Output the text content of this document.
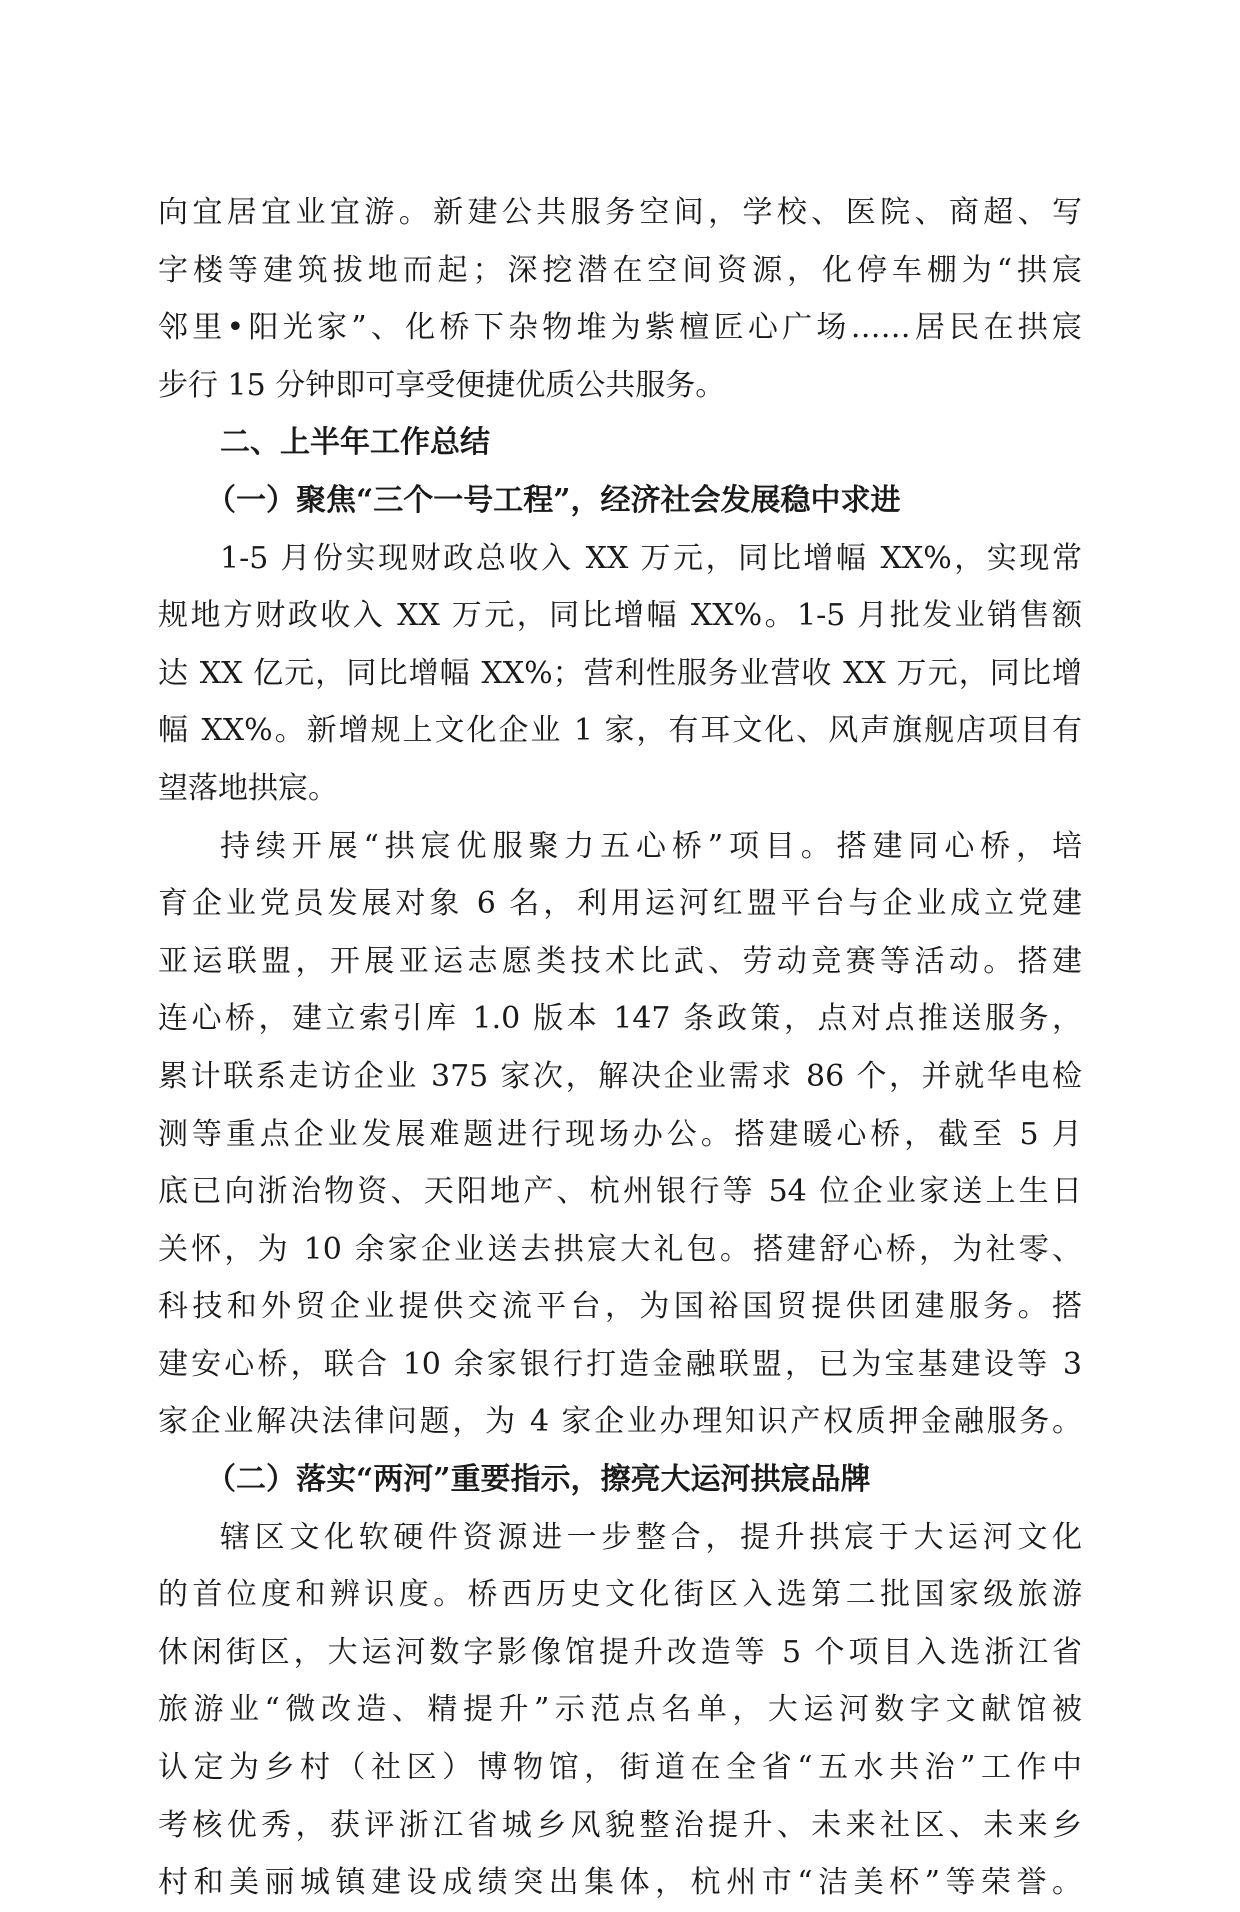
向宜居宜业宜游。新建公共服务空间，学校、医院、商超、写
字楼等建筑拔地而起；深挖潜在空间资源，化停车棚为“拱宸
邻里•阳光家”、化桥下杂物堆为紫檀匠心广场……居民在拱宸
步行 15 分钟即可享受便捷优质公共服务。
二、上半年工作总结
（一）聚焦“三个一号工程”，经济社会发展稳中求进
1-5 月份实现财政总收入 XX 万元，同比增幅 XX%，实现常
规地方财政收入 XX 万元，同比增幅 XX%。1-5 月批发业销售额
达 XX 亿元，同比增幅 XX%；营利性服务业营收 XX 万元，同比增
幅 XX%。新增规上文化企业 1 家，有耳文化、风声旗舰店项目有
望落地拱宸。
持续开展“拱宸优服聚力五心桥”项目。搭建同心桥，培
育企业党员发展对象 6 名，利用运河红盟平台与企业成立党建
亚运联盟，开展亚运志愿类技术比武、劳动竞赛等活动。搭建
连心桥，建立索引库 1.0 版本 147 条政策，点对点推送服务，
累计联系走访企业 375 家次，解决企业需求 86 个，并就华电检
测等重点企业发展难题进行现场办公。搭建暖心桥，截至 5 月
底已向浙治物资、天阳地产、杭州银行等 54 位企业家送上生日
关怀，为 10 余家企业送去拱宸大礼包。搭建舒心桥，为社零、
科技和外贸企业提供交流平台，为国裕国贸提供团建服务。搭
建安心桥，联合 10 余家银行打造金融联盟，已为宝基建设等 3
家企业解决法律问题，为 4 家企业办理知识产权质押金融服务。
（二）落实“两河”重要指示，擦亮大运河拱宸品牌
辖区文化软硬件资源进一步整合，提升拱宸于大运河文化
的首位度和辨识度。桥西历史文化街区入选第二批国家级旅游
休闲街区，大运河数字影像馆提升改造等 5 个项目入选浙江省
旅游业“微改造、精提升”示范点名单，大运河数字文献馆被
认定为乡村（社区）博物馆，街道在全省“五水共治”工作中
考核优秀，获评浙江省城乡风貌整治提升、未来社区、未来乡
村和美丽城镇建设成绩突出集体，杭州市“洁美杯”等荣誉。
